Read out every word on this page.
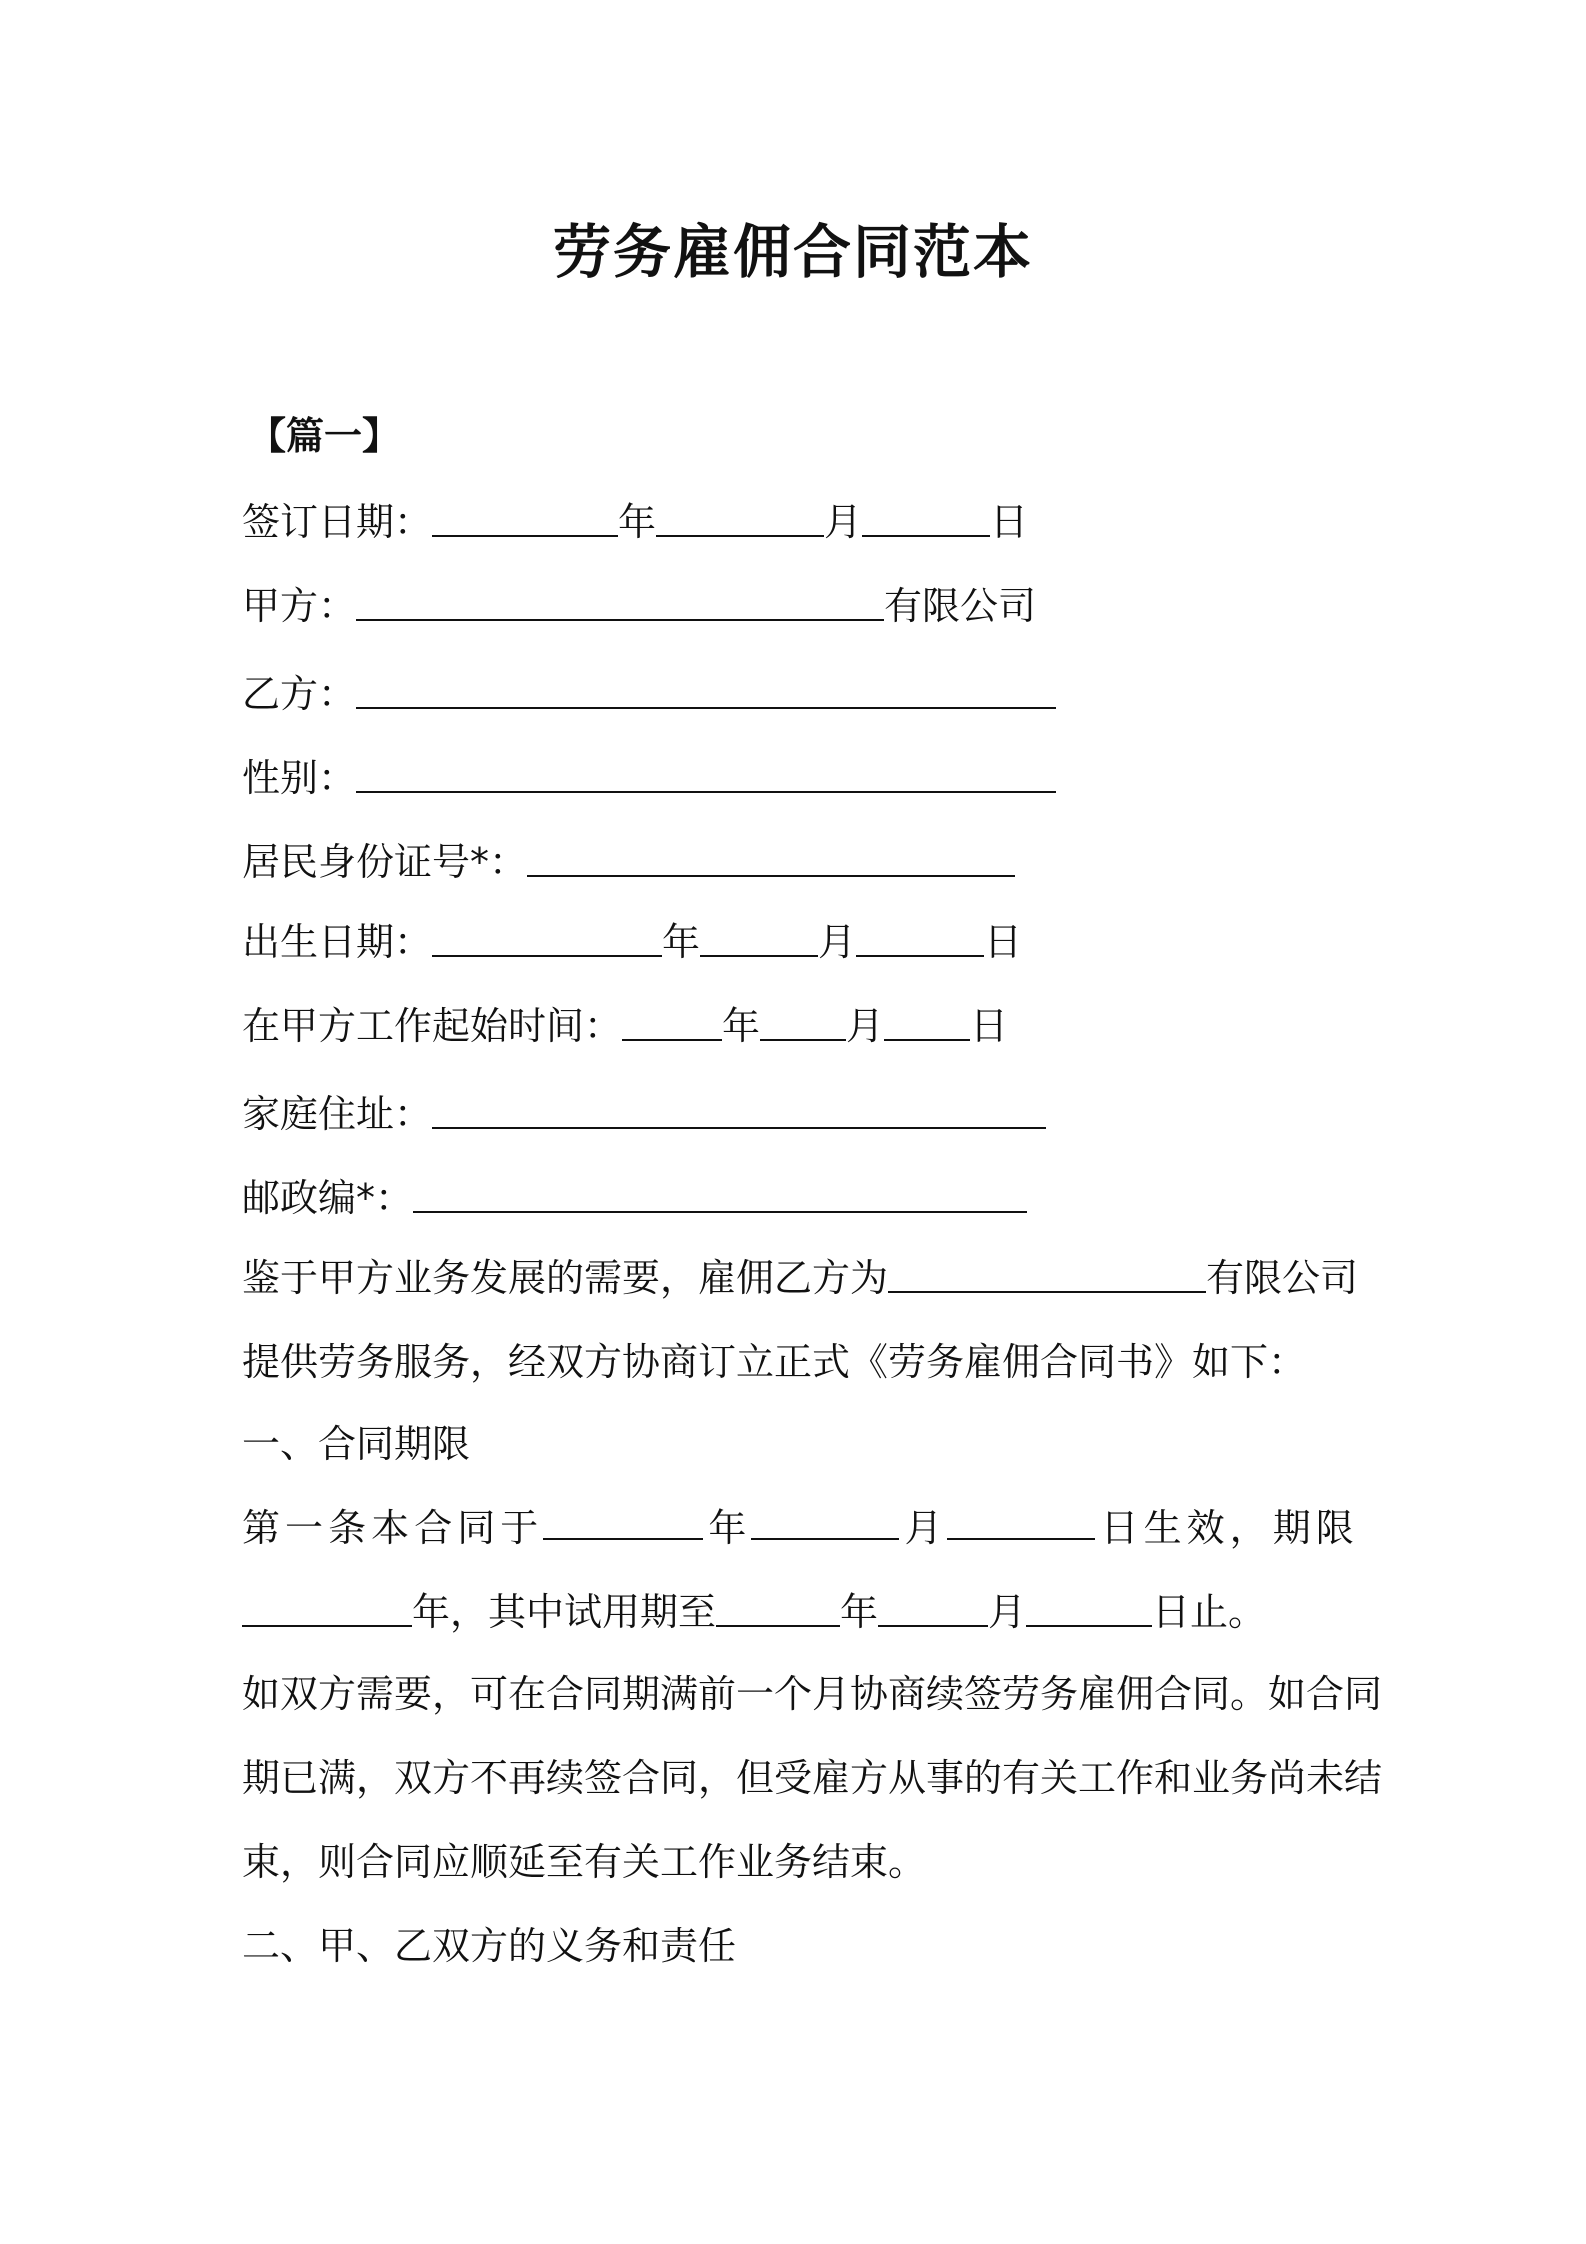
劳务雇佣合同范本
【篇一】
签订日期：	年	月	日
甲方：	有限公司
乙方：
性别：
居民身份证号*：
出生日期：	年	月	日
在甲方工作起始时间：	年 月 日
家庭住址：
邮政编*：
鉴于甲方业务发展的需要，雇佣乙方为	有限公司
提供劳务服务，经双方协商订立正式《劳务雇佣合同书》如下：
一、合同期限
第 一 条 本 合 同 于	年	月	日 生 效 ， 期 限
年，其中试用期至	年	月	日止。
如双方需要，可在合同期满前一个月协商续签劳务雇佣合同。如合同
期已满，双方不再续签合同，但受雇方从事的有关工作和业务尚未结
束，则合同应顺延至有关工作业务结束。
二、甲、乙双方的义务和责任
